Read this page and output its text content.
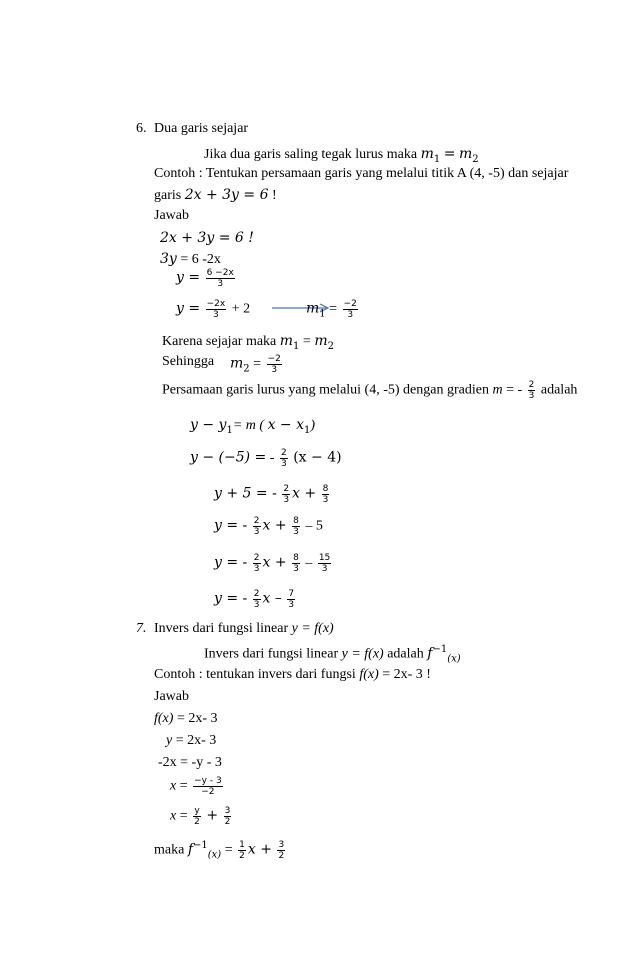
6. Dua garis sejajar
Jika dua garis saling tegak lurus maka $m_1 = m_2$
Contoh : Tentukan persamaan garis yang melalui titik A (4, -5) dan sejajar
garis 2x + 3y = 6 !
Jawab
2x + 3y = 6 !
3y = 6 -2x
$y = \frac{6 -2x}{3}$
$y = \frac{-2x}{3} + 2$	$m_1 = \frac{-2}{3}$
Karena sejajar maka $m_1 = m_2$
Sehingga $m_2 = \frac{-2}{3}$
Persamaan garis lurus yang melalui (4, -5) dengan gradien m = - $\frac{2}{3}$ adalah
$y - y_1= m$ ( $x - x_1$)
y − (−5) = - $\frac{2}{3} (x - 4)$
y + 5 = - $\frac{2}{3}$ $x + \frac{8}{3}$
y = - $\frac{2}{3}$ $x + \frac{8}{3} - 5$
y = - $\frac{2}{3}$ $x + \frac{8}{3} - \frac{15}{3}$
y = - $\frac{2}{3}$ x – $\frac{7}{3}$
7. Invers dari fungsi linear y = f(x)
Invers dari fungsi linear y = f(x) adalah $f^{-1}_{(x)}$
Contoh : tentukan invers dari fungsi f(x) = 2x- 3 !
Jawab
f(x) = 2x- 3
y = 2x- 3
-2x = -y - 3
$x = \frac{-y - 3}{-2}$
$x = \frac{y}{2} + \frac{3}{2}$
maka $f^{-1}_{(x)} = \frac{1}{2}$ $x + \frac{3}{2}$
